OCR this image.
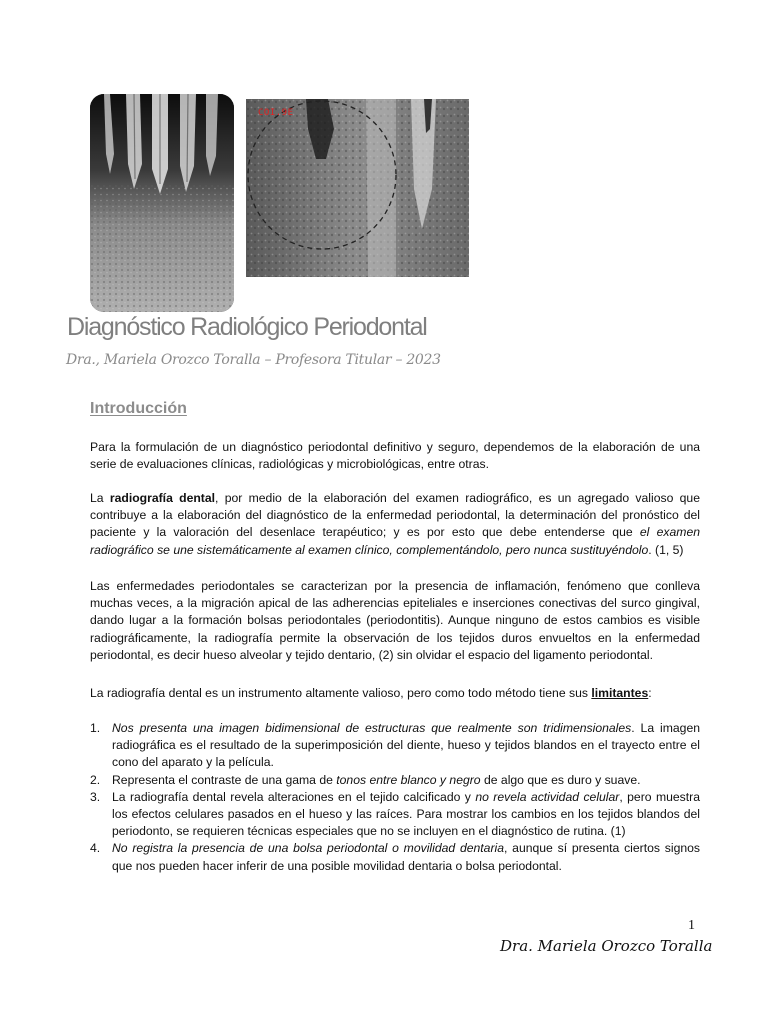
COI.9E
Diagnóstico Radiológico Periodontal
Dra., Mariela Orozco Toralla – Profesora Titular – 2023
Introducción

Para la formulación de un diagnóstico periodontal definitivo y seguro, dependemos de la elaboración de una serie de evaluaciones clínicas, radiológicas y microbiológicas, entre otras.

La radiografía dental, por medio de la elaboración del examen radiográfico, es un agregado valioso que contribuye a la elaboración del diagnóstico de la enfermedad periodontal, la determinación del pronóstico del paciente y la valoración del desenlace terapéutico; y es por esto que debe entenderse que el examen radiográfico se une sistemáticamente al examen clínico, complementándolo, pero nunca sustituyéndolo. (1, 5)

Las enfermedades periodontales se caracterizan por la presencia de inflamación, fenómeno que conlleva muchas veces, a la migración apical de las adherencias epiteliales e inserciones conectivas del surco gingival, dando lugar a la formación bolsas periodontales (periodontitis). Aunque ninguno de estos cambios es visible radiográficamente, la radiografía permite la observación de los tejidos duros envueltos en la enfermedad periodontal, es decir hueso alveolar y tejido dentario, (2) sin olvidar el espacio del ligamento periodontal.

La radiografía dental es un instrumento altamente valioso, pero como todo método tiene sus limitantes:

1. Nos presenta una imagen bidimensional de estructuras que realmente son tridimensionales. La imagen radiográfica es el resultado de la superimposición del diente, hueso y tejidos blandos en el trayecto entre el cono del aparato y la película.
2. Representa el contraste de una gama de tonos entre blanco y negro de algo que es duro y suave.
3. La radiografía dental revela alteraciones en el tejido calcificado y no revela actividad celular, pero muestra los efectos celulares pasados en el hueso y las raíces. Para mostrar los cambios en los tejidos blandos del periodonto, se requieren técnicas especiales que no se incluyen en el diagnóstico de rutina. (1)
4. No registra la presencia de una bolsa periodontal o movilidad dentaria, aunque sí presenta ciertos signos que nos pueden hacer inferir de una posible movilidad dentaria o bolsa periodontal.
1
Dra. Mariela Orozco Toralla
